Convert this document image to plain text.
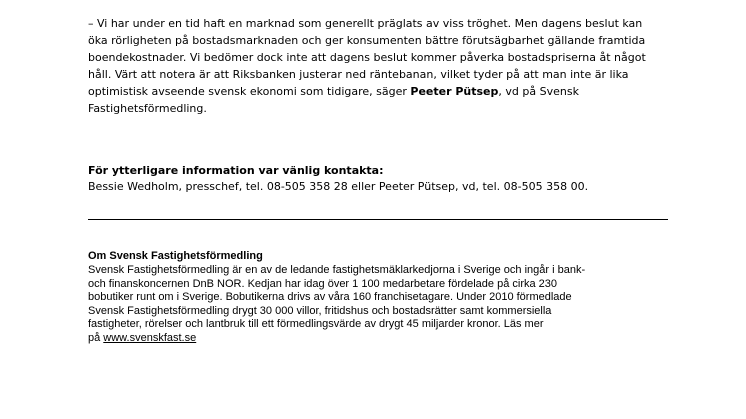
– Vi har under en tid haft en marknad som generellt präglats av viss tröghet. Men dagens beslut kan
öka rörligheten på bostadsmarknaden och ger konsumenten bättre förutsägbarhet gällande framtida
boendekostnader. Vi bedömer dock inte att dagens beslut kommer påverka bostadspriserna åt något
håll. Värt att notera är att Riksbanken justerar ned räntebanan, vilket tyder på att man inte är lika
optimistisk avseende svensk ekonomi som tidigare, säger Peeter Pütsep, vd på Svensk
Fastighetsförmedling.

För ytterligare information var vänlig kontakta:

Bessie Wedholm, presschef, tel. 08-505 358 28 eller Peeter Pütsep, vd, tel. 08-505 358 00.

Om Svensk Fastighetsförmedling

Svensk Fastighetsförmedling är en av de ledande fastighetsmäklarkedjorna i Sverige och ingår i bank-
och finanskoncernen DnB NOR. Kedjan har idag över 1 100 medarbetare fördelade på cirka 230
bobutiker runt om i Sverige. Bobutikerna drivs av våra 160 franchisetagare. Under 2010 förmedlade
Svensk Fastighetsförmedling drygt 30 000 villor, fritidshus och bostadsrätter samt kommersiella
fastigheter, rörelser och lantbruk till ett förmedlingsvärde av drygt 45 miljarder kronor. Läs mer
på www.svenskfast.se
